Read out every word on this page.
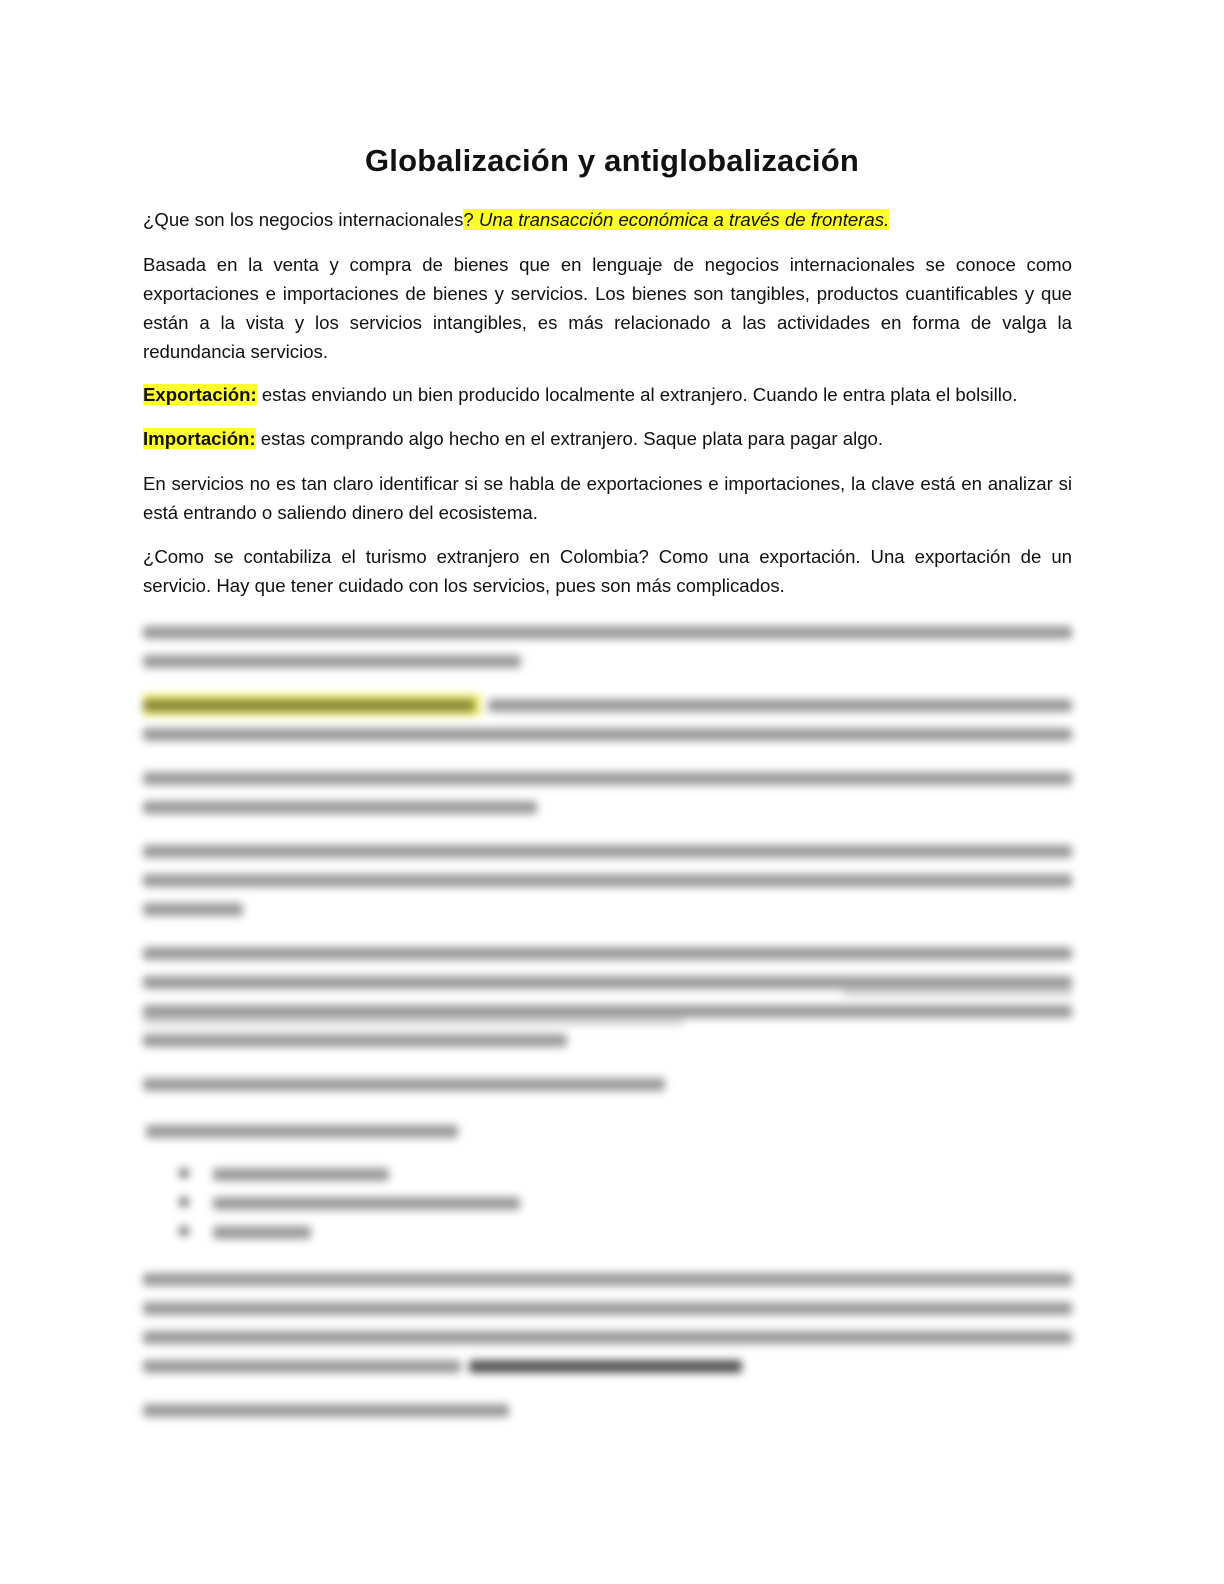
Globalización y antiglobalización

¿Que son los negocios internacionales? Una transacción económica a través de fronteras.

Basada en la venta y compra de bienes que en lenguaje de negocios internacionales se conoce como exportaciones e importaciones de bienes y servicios. Los bienes son tangibles, productos cuantificables y que están a la vista y los servicios intangibles, es más relacionado a las actividades en forma de valga la redundancia servicios.

Exportación: estas enviando un bien producido localmente al extranjero. Cuando le entra plata el bolsillo.

Importación: estas comprando algo hecho en el extranjero. Saque plata para pagar algo.

En servicios no es tan claro identificar si se habla de exportaciones e importaciones, la clave está en analizar si está entrando o saliendo dinero del ecosistema.

¿Como se contabiliza el turismo extranjero en Colombia? Como una exportación. Una exportación de un servicio. Hay que tener cuidado con los servicios, pues son más complicados.
